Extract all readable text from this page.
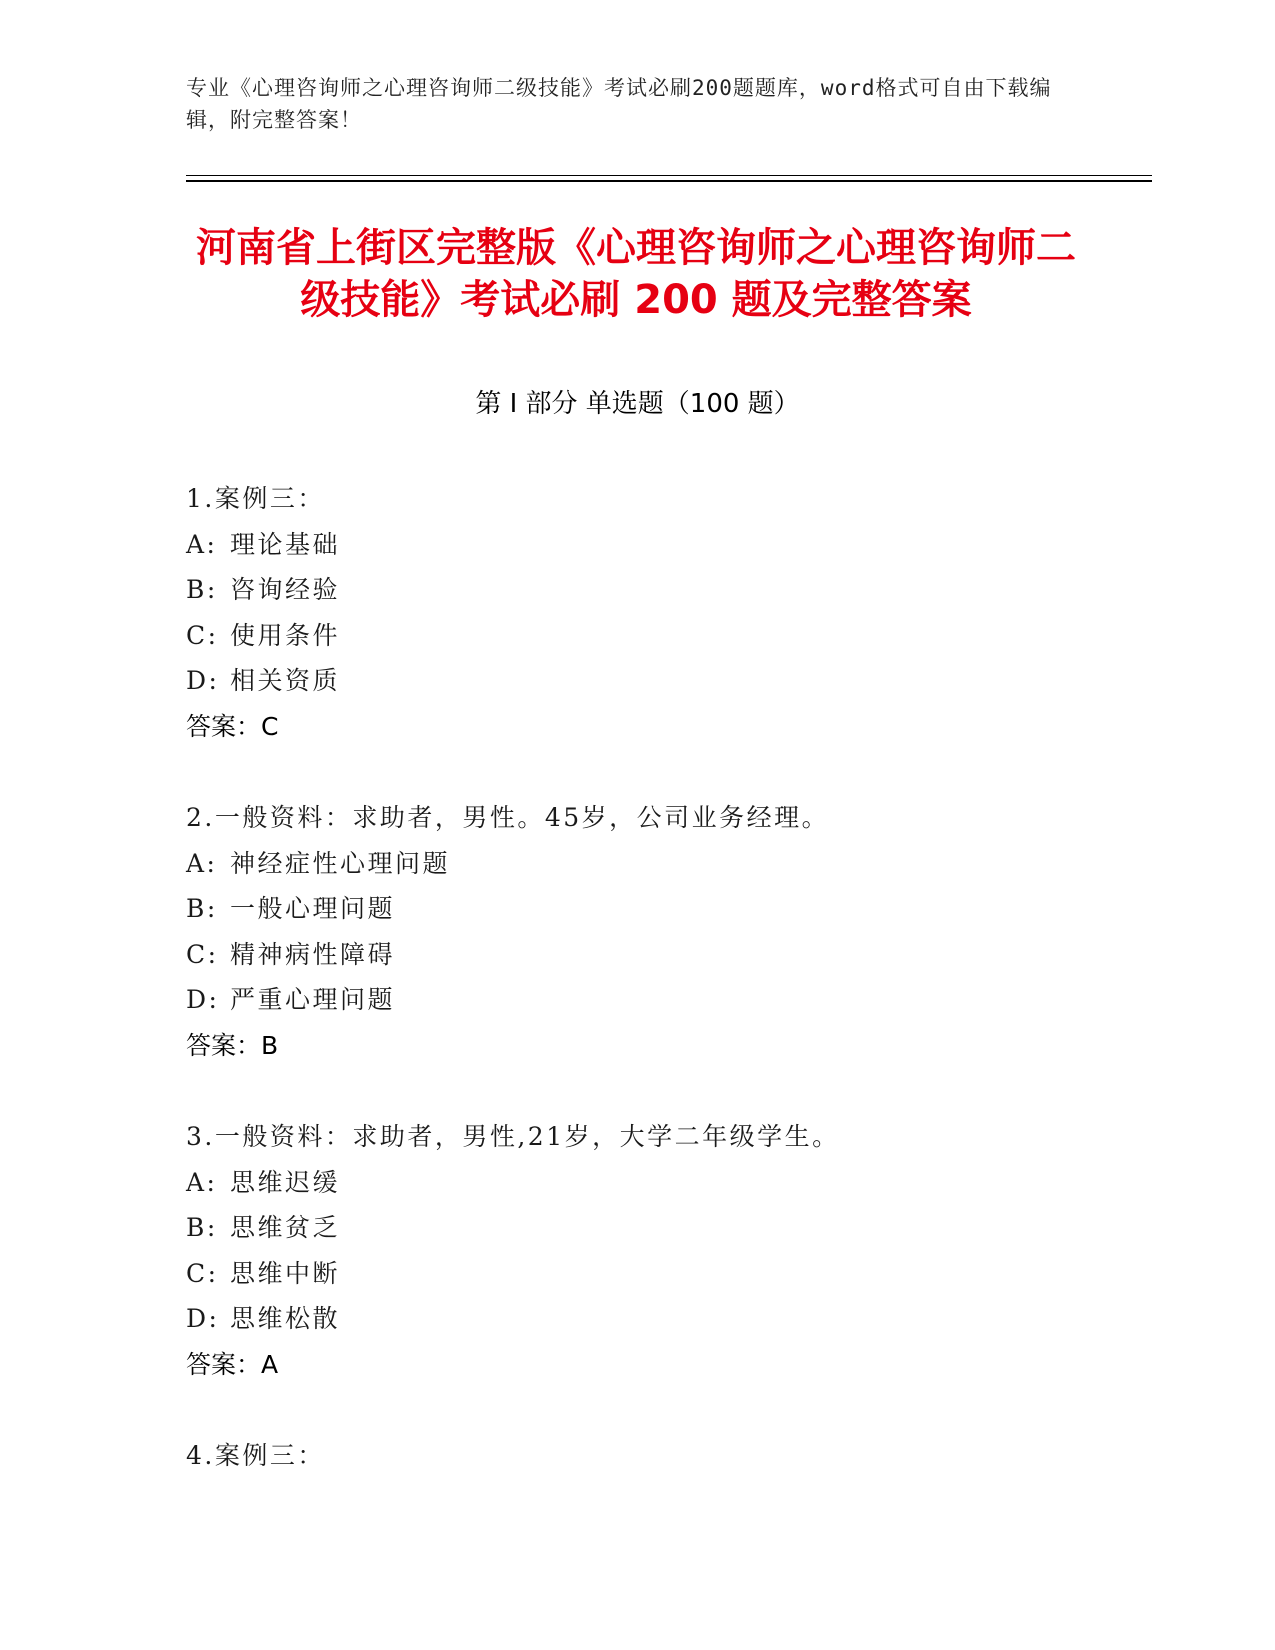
专业《心理咨询师之心理咨询师二级技能》考试必刷200题题库，word格式可自由下载编辑，附完整答案！

河南省上街区完整版《心理咨询师之心理咨询师二级技能》考试必刷 200 题及完整答案
第 I 部分 单选题（100 题）
1.案例三：
A: 理论基础
B: 咨询经验
C: 使用条件
D: 相关资质
答案：C
2.一般资料：求助者，男性。45岁，公司业务经理。
A: 神经症性心理问题
B: 一般心理问题
C: 精神病性障碍
D: 严重心理问题
答案：B
3.一般资料：求助者，男性,21岁，大学二年级学生。
A: 思维迟缓
B: 思维贫乏
C: 思维中断
D: 思维松散
答案：A
4.案例三：
